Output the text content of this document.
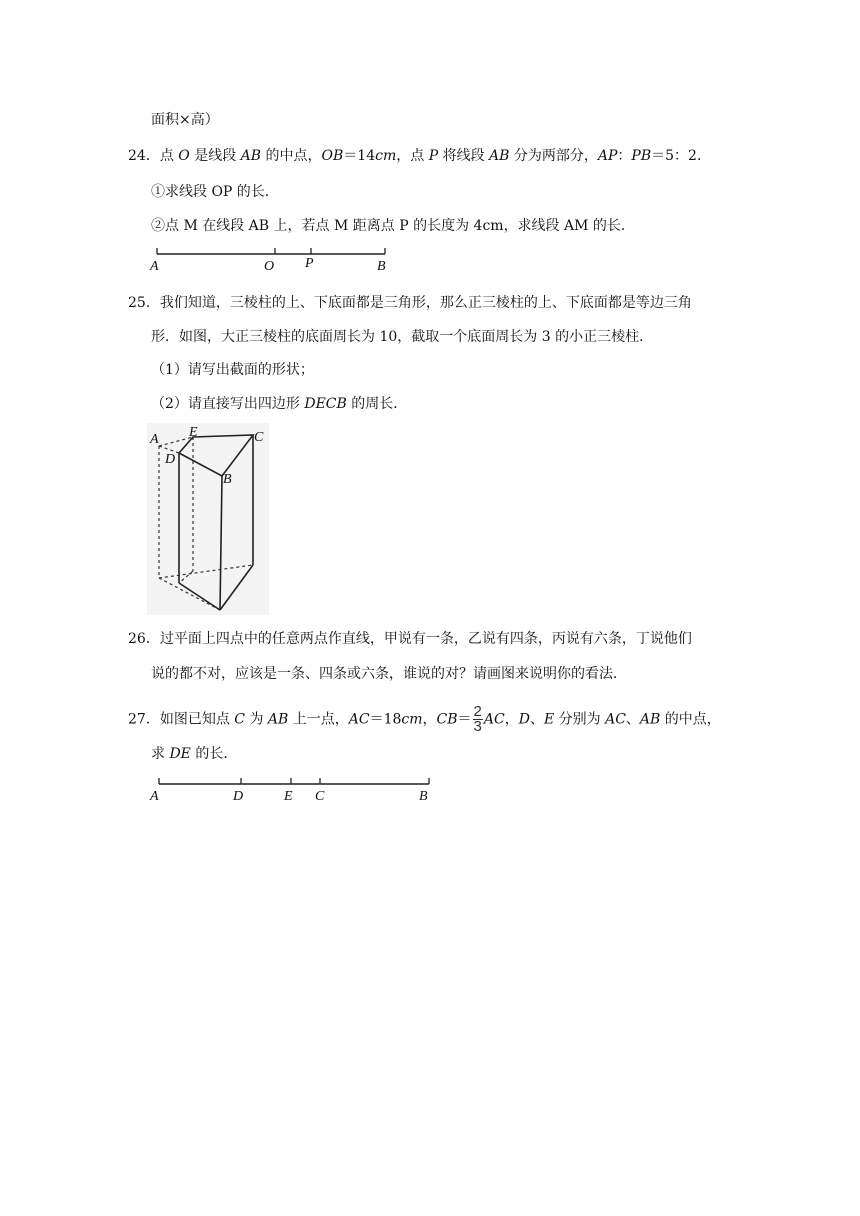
面积×高）
24．点 O 是线段 AB 的中点，OB＝14cm，点 P 将线段 AB 分为两部分，AP：PB＝5：2．
①求线段 OP 的长．
②点 M 在线段 AB 上，若点 M 距离点 P 的长度为 4cm，求线段 AM 的长．
A	O P	B
25．我们知道，三棱柱的上、下底面都是三角形，那么正三棱柱的上、下底面都是等边三角
形．如图，大正三棱柱的底面周长为 10，截取一个底面周长为 3 的小正三棱柱．
（1）请写出截面的形状；
（2）请直接写出四边形 DECB 的周长．
A E	C
D
B
26．过平面上四点中的任意两点作直线，甲说有一条，乙说有四条，丙说有六条，丁说他们
说的都不对，应该是一条、四条或六条，谁说的对？请画图来说明你的看法．
27．如图已知点 C 为 AB 上一点，AC＝18cm，$CB= \frac{2}{3}$ AC，D、E 分别为 AC、AB 的中点，
求 DE 的长．
A	D	E C	B
